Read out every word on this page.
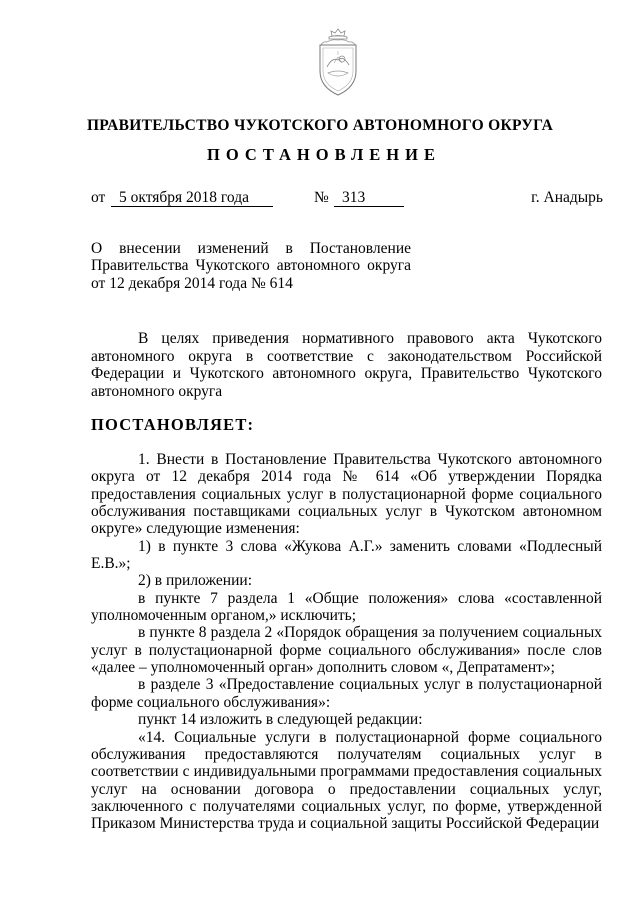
ПРАВИТЕЛЬСТВО ЧУКОТСКОГО АВТОНОМНОГО ОКРУГА
ПОСТАНОВЛЕНИЕ
от 5 октября 2018 года	№ 313	г. Анадырь
О внесении изменений в Постановление
Правительства Чукотского автономного округа
от 12 декабря 2014 года № 614

В целях приведения нормативного правового акта Чукотского автономного округа в соответствие с законодательством Российской Федерации и Чукотского автономного округа, Правительство Чукотского автономного округа

ПОСТАНОВЛЯЕТ:

1. Внести в Постановление Правительства Чукотского автономного округа от 12 декабря 2014 года № 614 «Об утверждении Порядка предоставления социальных услуг в полустационарной форме социального обслуживания поставщиками социальных услуг в Чукотском автономном округе» следующие изменения:

1) в пункте 3 слова «Жукова А.Г.» заменить словами «Подлесный Е.В.»;

2) в приложении:

в пункте 7 раздела 1 «Общие положения» слова «составленной уполномоченным органом,» исключить;

в пункте 8 раздела 2 «Порядок обращения за получением социальных услуг в полустационарной форме социального обслуживания» после слов «далее – уполномоченный орган» дополнить словом «, Депратамент»;

в разделе 3 «Предоставление социальных услуг в полустационарной форме социального обслуживания»:

пункт 14 изложить в следующей редакции:

«14. Социальные услуги в полустационарной форме социального обслуживания предоставляются получателям социальных услуг в соответствии с индивидуальными программами предоставления социальных услуг на основании договора о предоставлении социальных услуг, заключенного с получателями социальных услуг, по форме, утвержденной Приказом Министерства труда и социальной защиты Российской Федерации
